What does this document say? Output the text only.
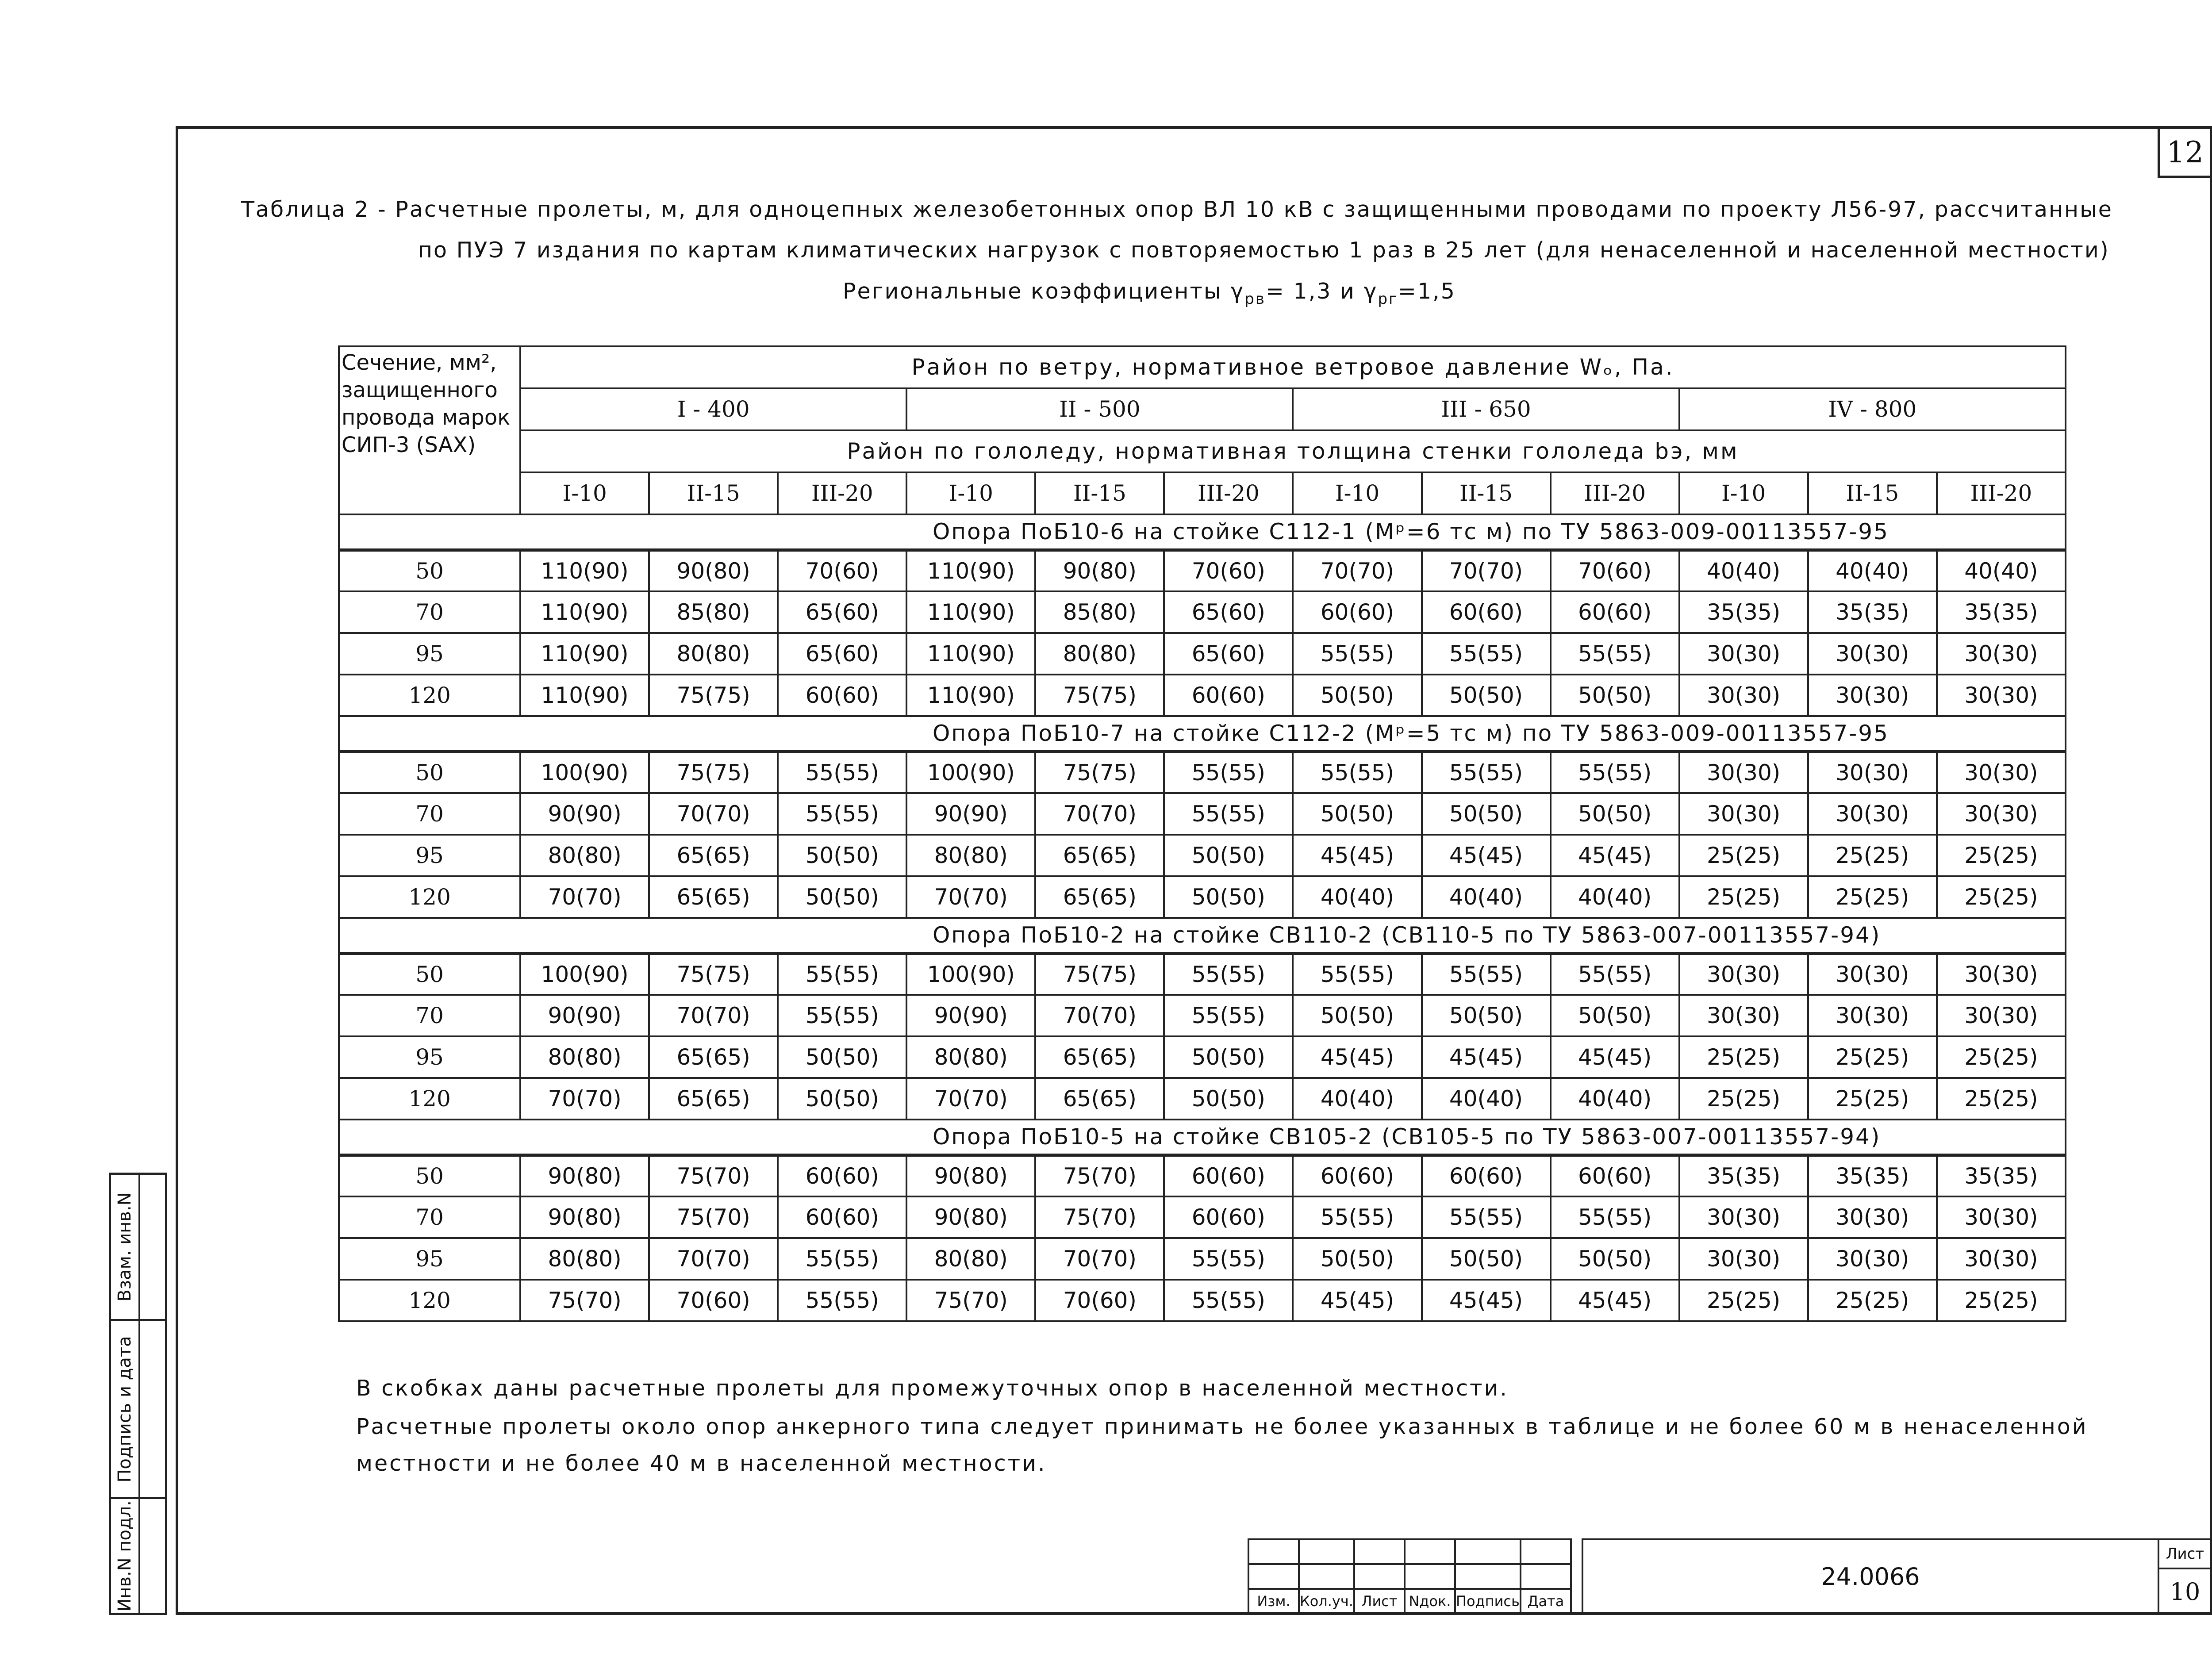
12
Таблица 2 - Расчетные пролеты, м, для одноцепных железобетонных опор ВЛ 10 кВ с защищенными проводами по проекту Л56-97, рассчитанные
по ПУЭ 7 издания по картам климатических нагрузок с повторяемостью 1 раз в 25 лет (для ненаселенной и населенной местности)
Региональные коэффициенты $\gamma_{рв}= 1,3$ и $\gamma_{рг}=1,5$
Сечение, мм², защищенного провода марок СИП-3 (SAX)	Район по ветру, нормативное ветровое давление Wₒ, Па.											
	I - 400			II - 500			III - 650			IV - 800		
	Район по гололеду, нормативная толщина стенки гололеда bэ, мм											
	I-10	II-15	III-20	I-10	II-15	III-20	I-10	II-15	III-20	I-10	II-15	III-20
Опора ПоБ10-6 на стойке С112-1 (Mᵖ=6 тс м) по ТУ 5863-009-00113557-95												
50	110(90)	90(80)	70(60)	110(90)	90(80)	70(60)	70(70)	70(70)	70(60)	40(40)	40(40)	40(40)
70	110(90)	85(80)	65(60)	110(90)	85(80)	65(60)	60(60)	60(60)	60(60)	35(35)	35(35)	35(35)
95	110(90)	80(80)	65(60)	110(90)	80(80)	65(60)	55(55)	55(55)	55(55)	30(30)	30(30)	30(30)
120	110(90)	75(75)	60(60)	110(90)	75(75)	60(60)	50(50)	50(50)	50(50)	30(30)	30(30)	30(30)
Опора ПоБ10-7 на стойке С112-2 (Mᵖ=5 тс м) по ТУ 5863-009-00113557-95												
50	100(90)	75(75)	55(55)	100(90)	75(75)	55(55)	55(55)	55(55)	55(55)	30(30)	30(30)	30(30)
70	90(90)	70(70)	55(55)	90(90)	70(70)	55(55)	50(50)	50(50)	50(50)	30(30)	30(30)	30(30)
95	80(80)	65(65)	50(50)	80(80)	65(65)	50(50)	45(45)	45(45)	45(45)	25(25)	25(25)	25(25)
120	70(70)	65(65)	50(50)	70(70)	65(65)	50(50)	40(40)	40(40)	40(40)	25(25)	25(25)	25(25)
Опора ПоБ10-2 на стойке СВ110-2 (СВ110-5 по ТУ 5863-007-00113557-94)												
50	100(90)	75(75)	55(55)	100(90)	75(75)	55(55)	55(55)	55(55)	55(55)	30(30)	30(30)	30(30)
70	90(90)	70(70)	55(55)	90(90)	70(70)	55(55)	50(50)	50(50)	50(50)	30(30)	30(30)	30(30)
95	80(80)	65(65)	50(50)	80(80)	65(65)	50(50)	45(45)	45(45)	45(45)	25(25)	25(25)	25(25)
120	70(70)	65(65)	50(50)	70(70)	65(65)	50(50)	40(40)	40(40)	40(40)	25(25)	25(25)	25(25)
Опора ПоБ10-5 на стойке СВ105-2 (СВ105-5 по ТУ 5863-007-00113557-94)												
50	90(80)	75(70)	60(60)	90(80)	75(70)	60(60)	60(60)	60(60)	60(60)	35(35)	35(35)	35(35)
70	90(80)	75(70)	60(60)	90(80)	75(70)	60(60)	55(55)	55(55)	55(55)	30(30)	30(30)	30(30)
95	80(80)	70(70)	55(55)	80(80)	70(70)	55(55)	50(50)	50(50)	50(50)	30(30)	30(30)	30(30)
120	75(70)	70(60)	55(55)	75(70)	70(60)	55(55)	45(45)	45(45)	45(45)	25(25)	25(25)	25(25)
В скобках даны расчетные пролеты для промежуточных опор в населенной местности.
Расчетные пролеты около опор анкерного типа следует принимать не более указанных в таблице и не более 60 м в ненаселенной
местности и не более 40 м в населенной местности.
Взам. инв.N
Подпись и дата
Инв.N подл.

						Изм.	Кол.уч.	Лист	Nдок.	Подпись	Дата
24.0066
Лист
10
